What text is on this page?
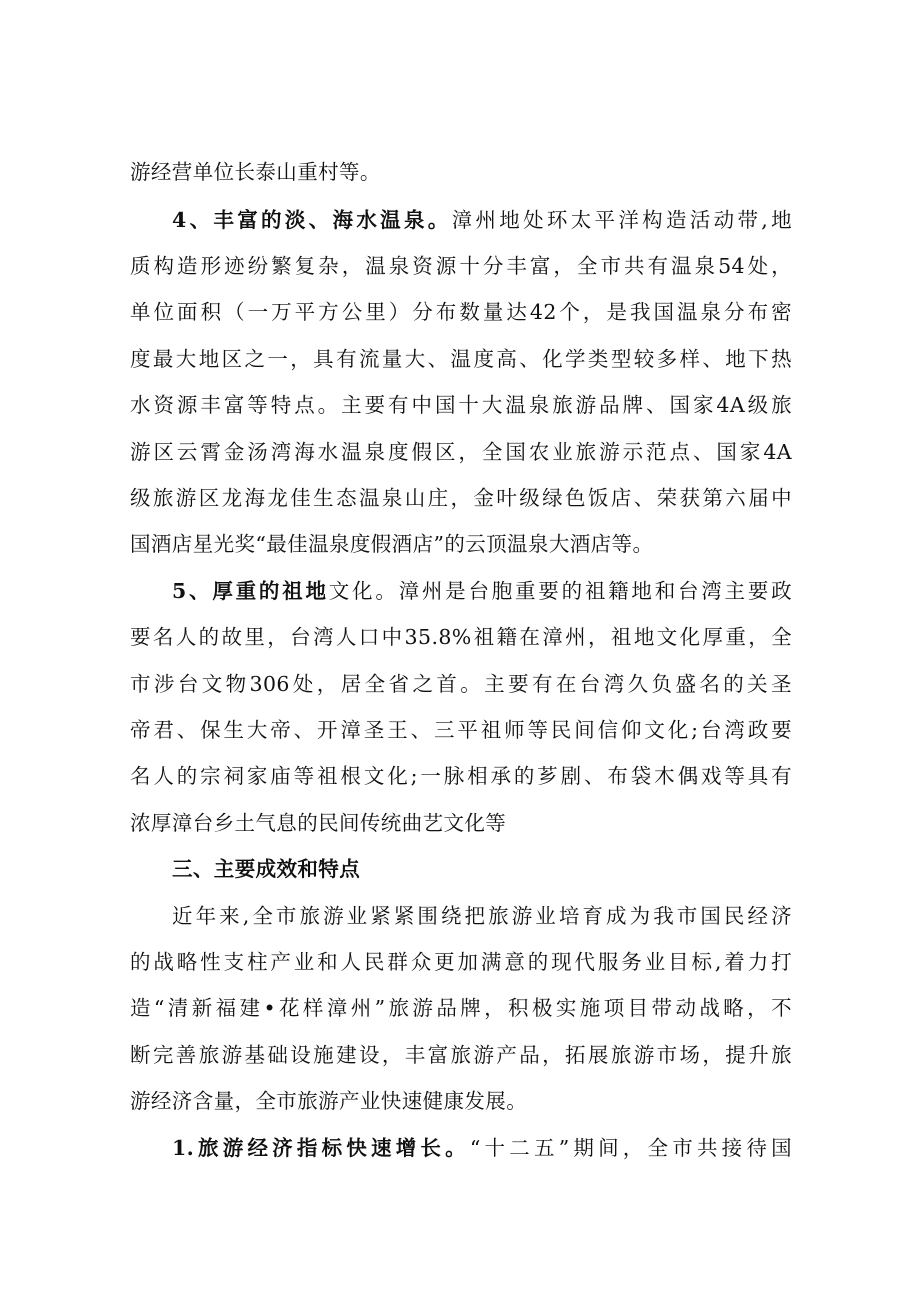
游经营单位长泰山重村等。
4、丰富的淡、海水温泉。漳州地处环太平洋构造活动带,地
质构造形迹纷繁复杂，温泉资源十分丰富，全市共有温泉54处，
单位面积（一万平方公里）分布数量达42个，是我国温泉分布密
度最大地区之一，具有流量大、温度高、化学类型较多样、地下热
水资源丰富等特点。主要有中国十大温泉旅游品牌、国家4A级旅
游区云霄金汤湾海水温泉度假区，全国农业旅游示范点、国家4A
级旅游区龙海龙佳生态温泉山庄，金叶级绿色饭店、荣获第六届中
国酒店星光奖“最佳温泉度假酒店”的云顶温泉大酒店等。
5、厚重的祖地文化。漳州是台胞重要的祖籍地和台湾主要政
要名人的故里，台湾人口中35.8%祖籍在漳州，祖地文化厚重，全
市涉台文物306处，居全省之首。主要有在台湾久负盛名的关圣
帝君、保生大帝、开漳圣王、三平祖师等民间信仰文化;台湾政要
名人的宗祠家庙等祖根文化;一脉相承的芗剧、布袋木偶戏等具有
浓厚漳台乡土气息的民间传统曲艺文化等
三、主要成效和特点
近年来,全市旅游业紧紧围绕把旅游业培育成为我市国民经济
的战略性支柱产业和人民群众更加满意的现代服务业目标,着力打
造“清新福建•花样漳州”旅游品牌，积极实施项目带动战略，不
断完善旅游基础设施建设，丰富旅游产品，拓展旅游市场，提升旅
游经济含量，全市旅游产业快速健康发展。
1.旅游经济指标快速增长。“十二五”期间，全市共接待国
